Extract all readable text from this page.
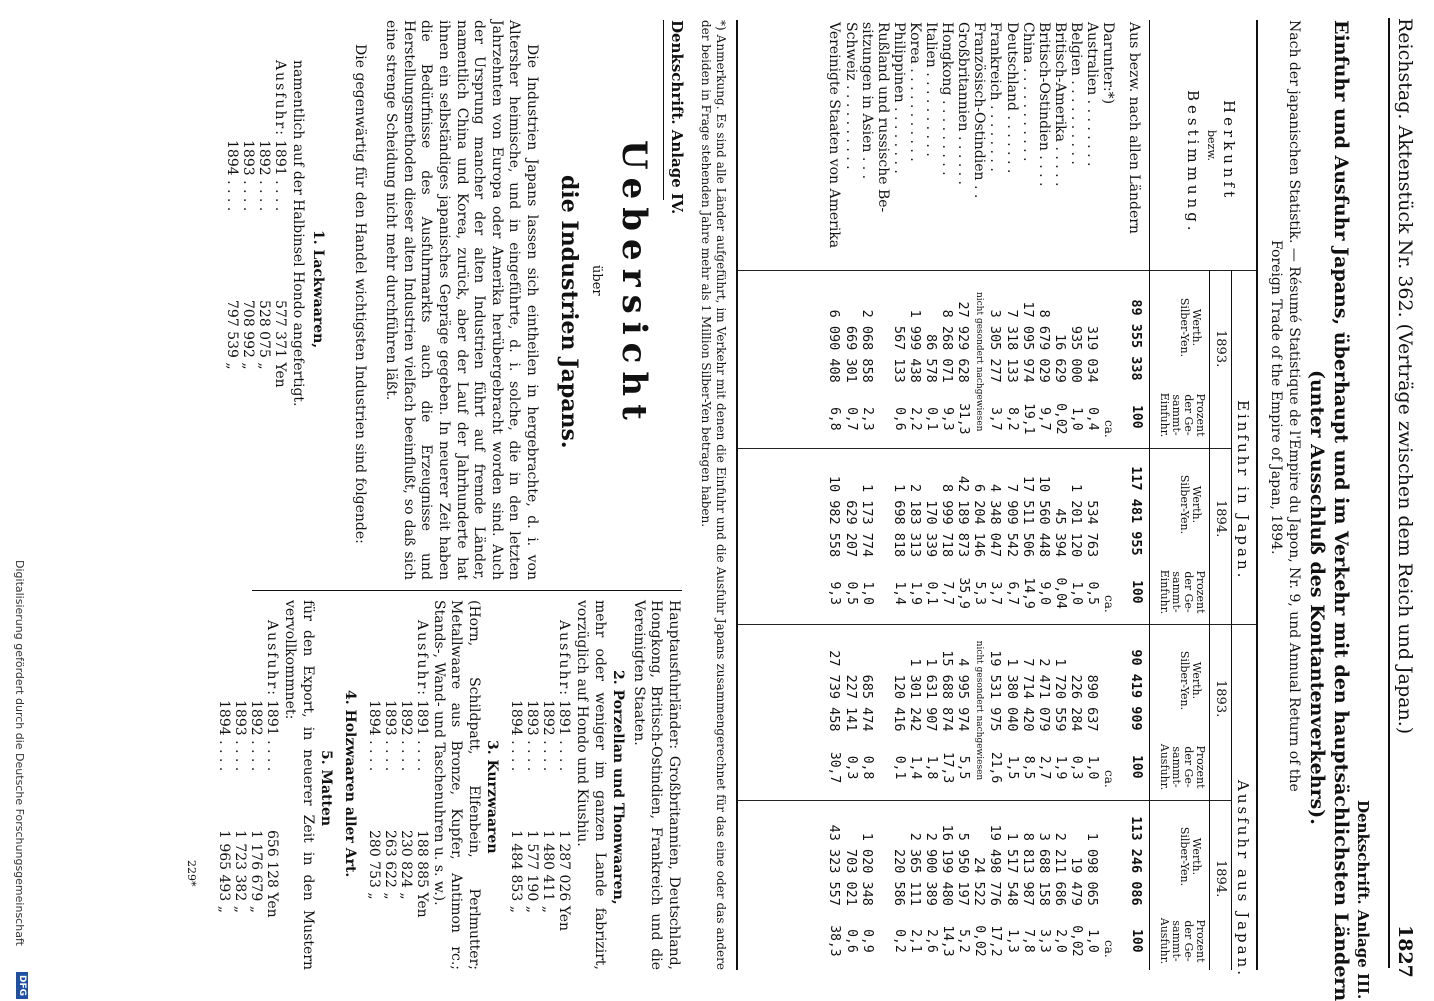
Reichstag. Aktenstück Nr. 362. (Verträge zwischen dem Reich und Japan.)
1827
Denkschrift. Anlage III.
Einfuhr und Ausfuhr Japans, überhaupt und im Verkehr mit den hauptsächlichsten Ländern
(unter Ausschluß des Kontantenverkehrs).
Nach der japanischen Statistik. — Résumé Statistique de l'Empire du Japon, Nr. 9, und Annual Return of the
Foreign Trade of the Empire of Japan, 1894.
Herkunft
bezw.
Bestimmung.
Einfuhr in Japan.
Ausfuhr aus Japan.
1893.
1894.
1893.
1894.
Werth.
Silber-Yen.
Prozent
der Ge-
sammt-
Einfuhr.
Werth.
Silber-Yen.
Prozent
der Ge-
sammt-
Einfuhr.
Werth.
Silber-Yen.
Prozent
der Ge-
sammt-
Ausfuhr.
Werth.
Silber-Yen.
Prozent
der Ge-
sammt-
Ausfuhr.
Aus bezw. nach allen Ländern
89 355 338	100	117 481 955	100	90 419 909	100	113 246 086	100
Darunter:*)
ca.
ca.
ca.
ca.
Australien . . . . . . . .	319 034	0,4	534 763	0,5	890 637	1,0	1 098 065	1,0
Belgien . . . . . . . . . .	935 000	1,0	1 201 120	1,0	226 284	0,3	19 479	0,02
Britisch-Amerika . . . . .	16 629	0,02	45 394	0,04	1 720 559	1,9	2 211 686	2,0
Britisch-Ostindien . . . .	8 679 029	9,7	10 560 448	9,0	2 471 079	2,7	3 688 158	3,3
China . . . . . . . . . . .	17 095 974	19,1	17 511 506	14,9	7 714 420	8,5	8 813 987	7,8
Deutschland . . . . . . .	7 318 133	8,2	7 909 542	6,7	1 380 040	1,5	1 517 548	1,3
Frankreich . . . . . . . .	3 305 277	3,7	4 348 047	3,7	19 531 975	21,6	19 498 776	17,2
Französisch-Ostindien . .	nicht gesondert nachgewiesen		6 204 146	5,3	nicht gesondert nachgewiesen		24 522	0,02
Großbritannien . . . . . .	27 929 628	31,3	42 189 873	35,9	4 995 974	5,5	5 950 197	5,2
Hongkong . . . . . . . . .	8 268 071	9,3	8 999 718	7,7	15 688 874	17,3	16 199 480	14,3
Italien . . . . . . . . . .	86 578	0,1	170 339	0,1	1 631 907	1,8	2 900 389	2,6
Korea . . . . . . . . . . .	1 999 438	2,2	2 183 313	1,9	1 301 242	1,4	2 365 111	2,1
Philippinen . . . . . . . .	567 133	0,6	1 698 818	1,4	120 416	0,1	220 586	0,2
Rußland und russische Be-								
sitzungen in Asien . . .	2 068 858	2,3	1 173 774	1,0	685 474	0,8	1 020 348	0,9
Schweiz . . . . . . . . . .	669 301	0,7	629 207	0,5	227 141	0,3	703 021	0,6
Vereinigte Staaten von Amerika	6 090 408	6,8	10 982 558	9,3	27 739 458	30,7	43 323 557	38,3
*) Anmerkung. Es sind alle Länder aufgeführt, im Verkehr mit denen die Einfuhr und die Ausfuhr Japans zusammengerechnet für das eine oder das andere der beiden in Frage stehenden Jahre mehr als 1 Million Silber-Yen betragen haben.
Denkschrift. Anlage IV.
Uebersicht
über
die Industrien Japans.
Die Industrien Japans lassen sich eintheilen in hergebrachte, d. i. von Altersher heimische, und in eingeführte, d. i. solche, die in den letzten Jahrzehnten von Europa oder Amerika herübergebracht worden sind. Auch der Ursprung mancher der alten Industrien führt auf fremde Länder, namentlich China und Korea, zurück, aber der Lauf der Jahrhunderte hat ihnen ein selbständiges japanisches Gepräge gegeben. In neuerer Zeit haben die Bedürfnisse des Ausfuhrmarkts auch die Erzeugnisse und Herstellungsmethoden dieser alten Industrien vielfach beeinflußt, so daß sich eine strenge Scheidung nicht mehr durchführen läßt.
Die gegenwärtig für den Handel wichtigsten Industrien sind folgende:
1. Lackwaaren,
namentlich auf der Halbinsel Hondo angefertigt.
Ausfuhr:
1891 . . . .	577 371 Yen
1892 . . . .	528 075 „
1893 . . . .	708 992 „
1894 . . . .	797 539 „
Hauptausfuhrländer: Großbritannien, Deutschland, Hongkong, Britisch-Ostindien, Frankreich und die Vereinigten Staaten.
2. Porzellan und Thonwaaren,
mehr oder weniger im ganzen Lande fabrizirt, vorzüglich auf Hondo und Kiushiu.
Ausfuhr:
1891 . . . .	1 287 026 Yen
1892 . . . .	1 480 411 „
1893 . . . .	1 577 190 „
1894 . . . .	1 484 853 „
3. Kurzwaaren
(Horn, Schildpatt, Elfenbein, Perlmutter; Metallwaare aus Bronze, Kupfer, Antimon rc.; Stands-, Wand- und Taschenuhren u. s. w.).
Ausfuhr:
1891 . . . .	188 885 Yen
1892 . . . .	230 824 „
1893 . . . .	263 622 „
1894 . . . .	280 753 „
4. Holzwaaren aller Art.
5. Matten
für den Export, in neuerer Zeit in den Mustern vervollkommnet:
Ausfuhr:
1891 . . . .	656 128 Yen
1892 . . . .	1 176 679 „
1893 . . . .	1 723 382 „
1894 . . . .	1 965 493 „
229*
Digitalisierung gefördert durch die Deutsche Forschungsgemeinschaft
DFG
